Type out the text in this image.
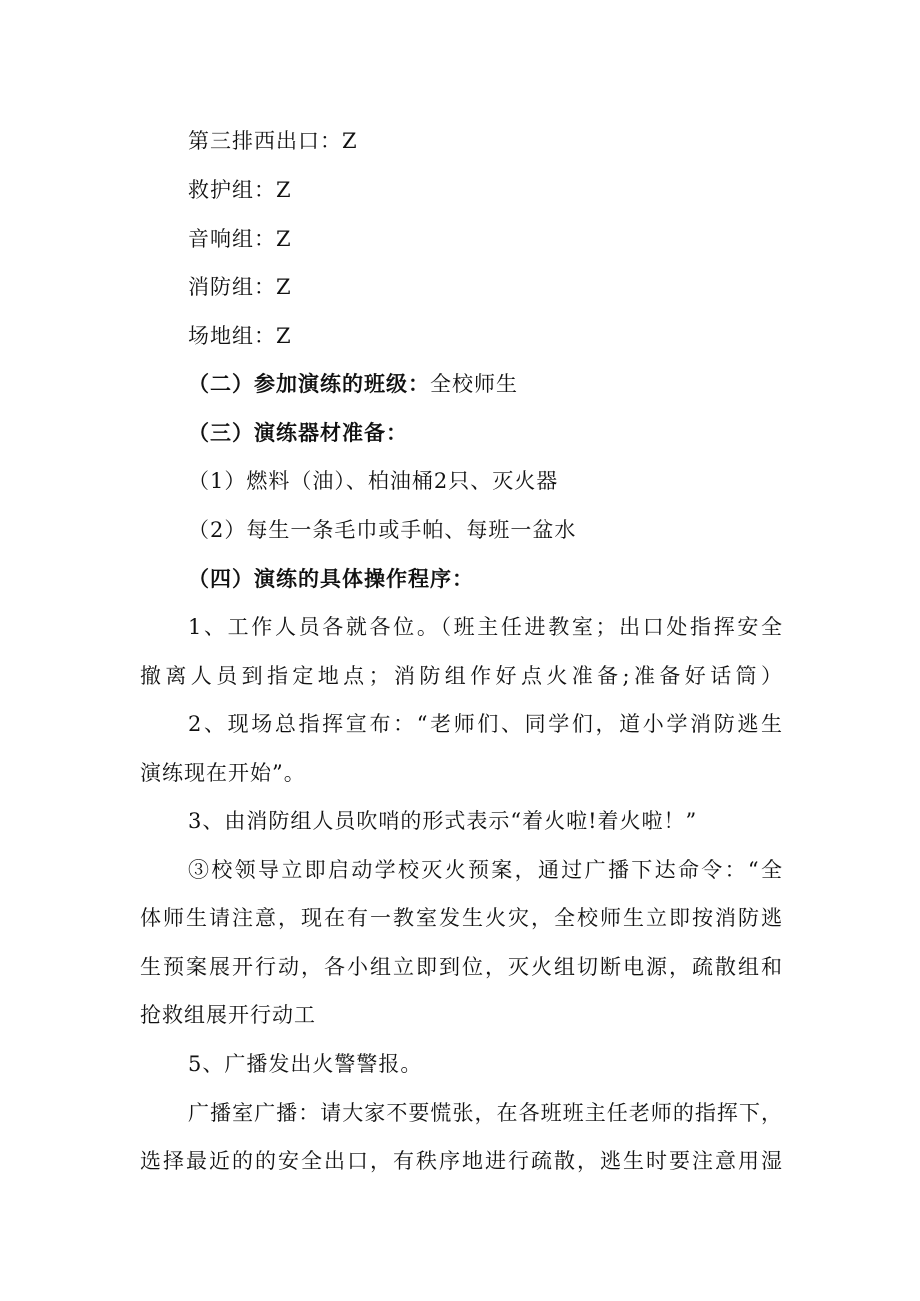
第三排西出口：Z
救护组：Z
音响组：Z
消防组：Z
场地组：Z
（二）参加演练的班级：全校师生
（三）演练器材准备：
（1）燃料（油）、柏油桶2只、灭火器
（2）每生一条毛巾或手帕、每班一盆水
（四）演练的具体操作程序：
1、工作人员各就各位。（班主任进教室；出口处指挥安全
撤离人员到指定地点；消防组作好点火准备;准备好话筒）
2、现场总指挥宣布：“老师们、同学们，道小学消防逃生
演练现在开始”。
3、由消防组人员吹哨的形式表示“着火啦!着火啦！”
③校领导立即启动学校灭火预案，通过广播下达命令：“全
体师生请注意，现在有一教室发生火灾，全校师生立即按消防逃
生预案展开行动，各小组立即到位，灭火组切断电源，疏散组和
抢救组展开行动工
5、广播发出火警警报。
广播室广播：请大家不要慌张，在各班班主任老师的指挥下，
选择最近的的安全出口，有秩序地进行疏散，逃生时要注意用湿
